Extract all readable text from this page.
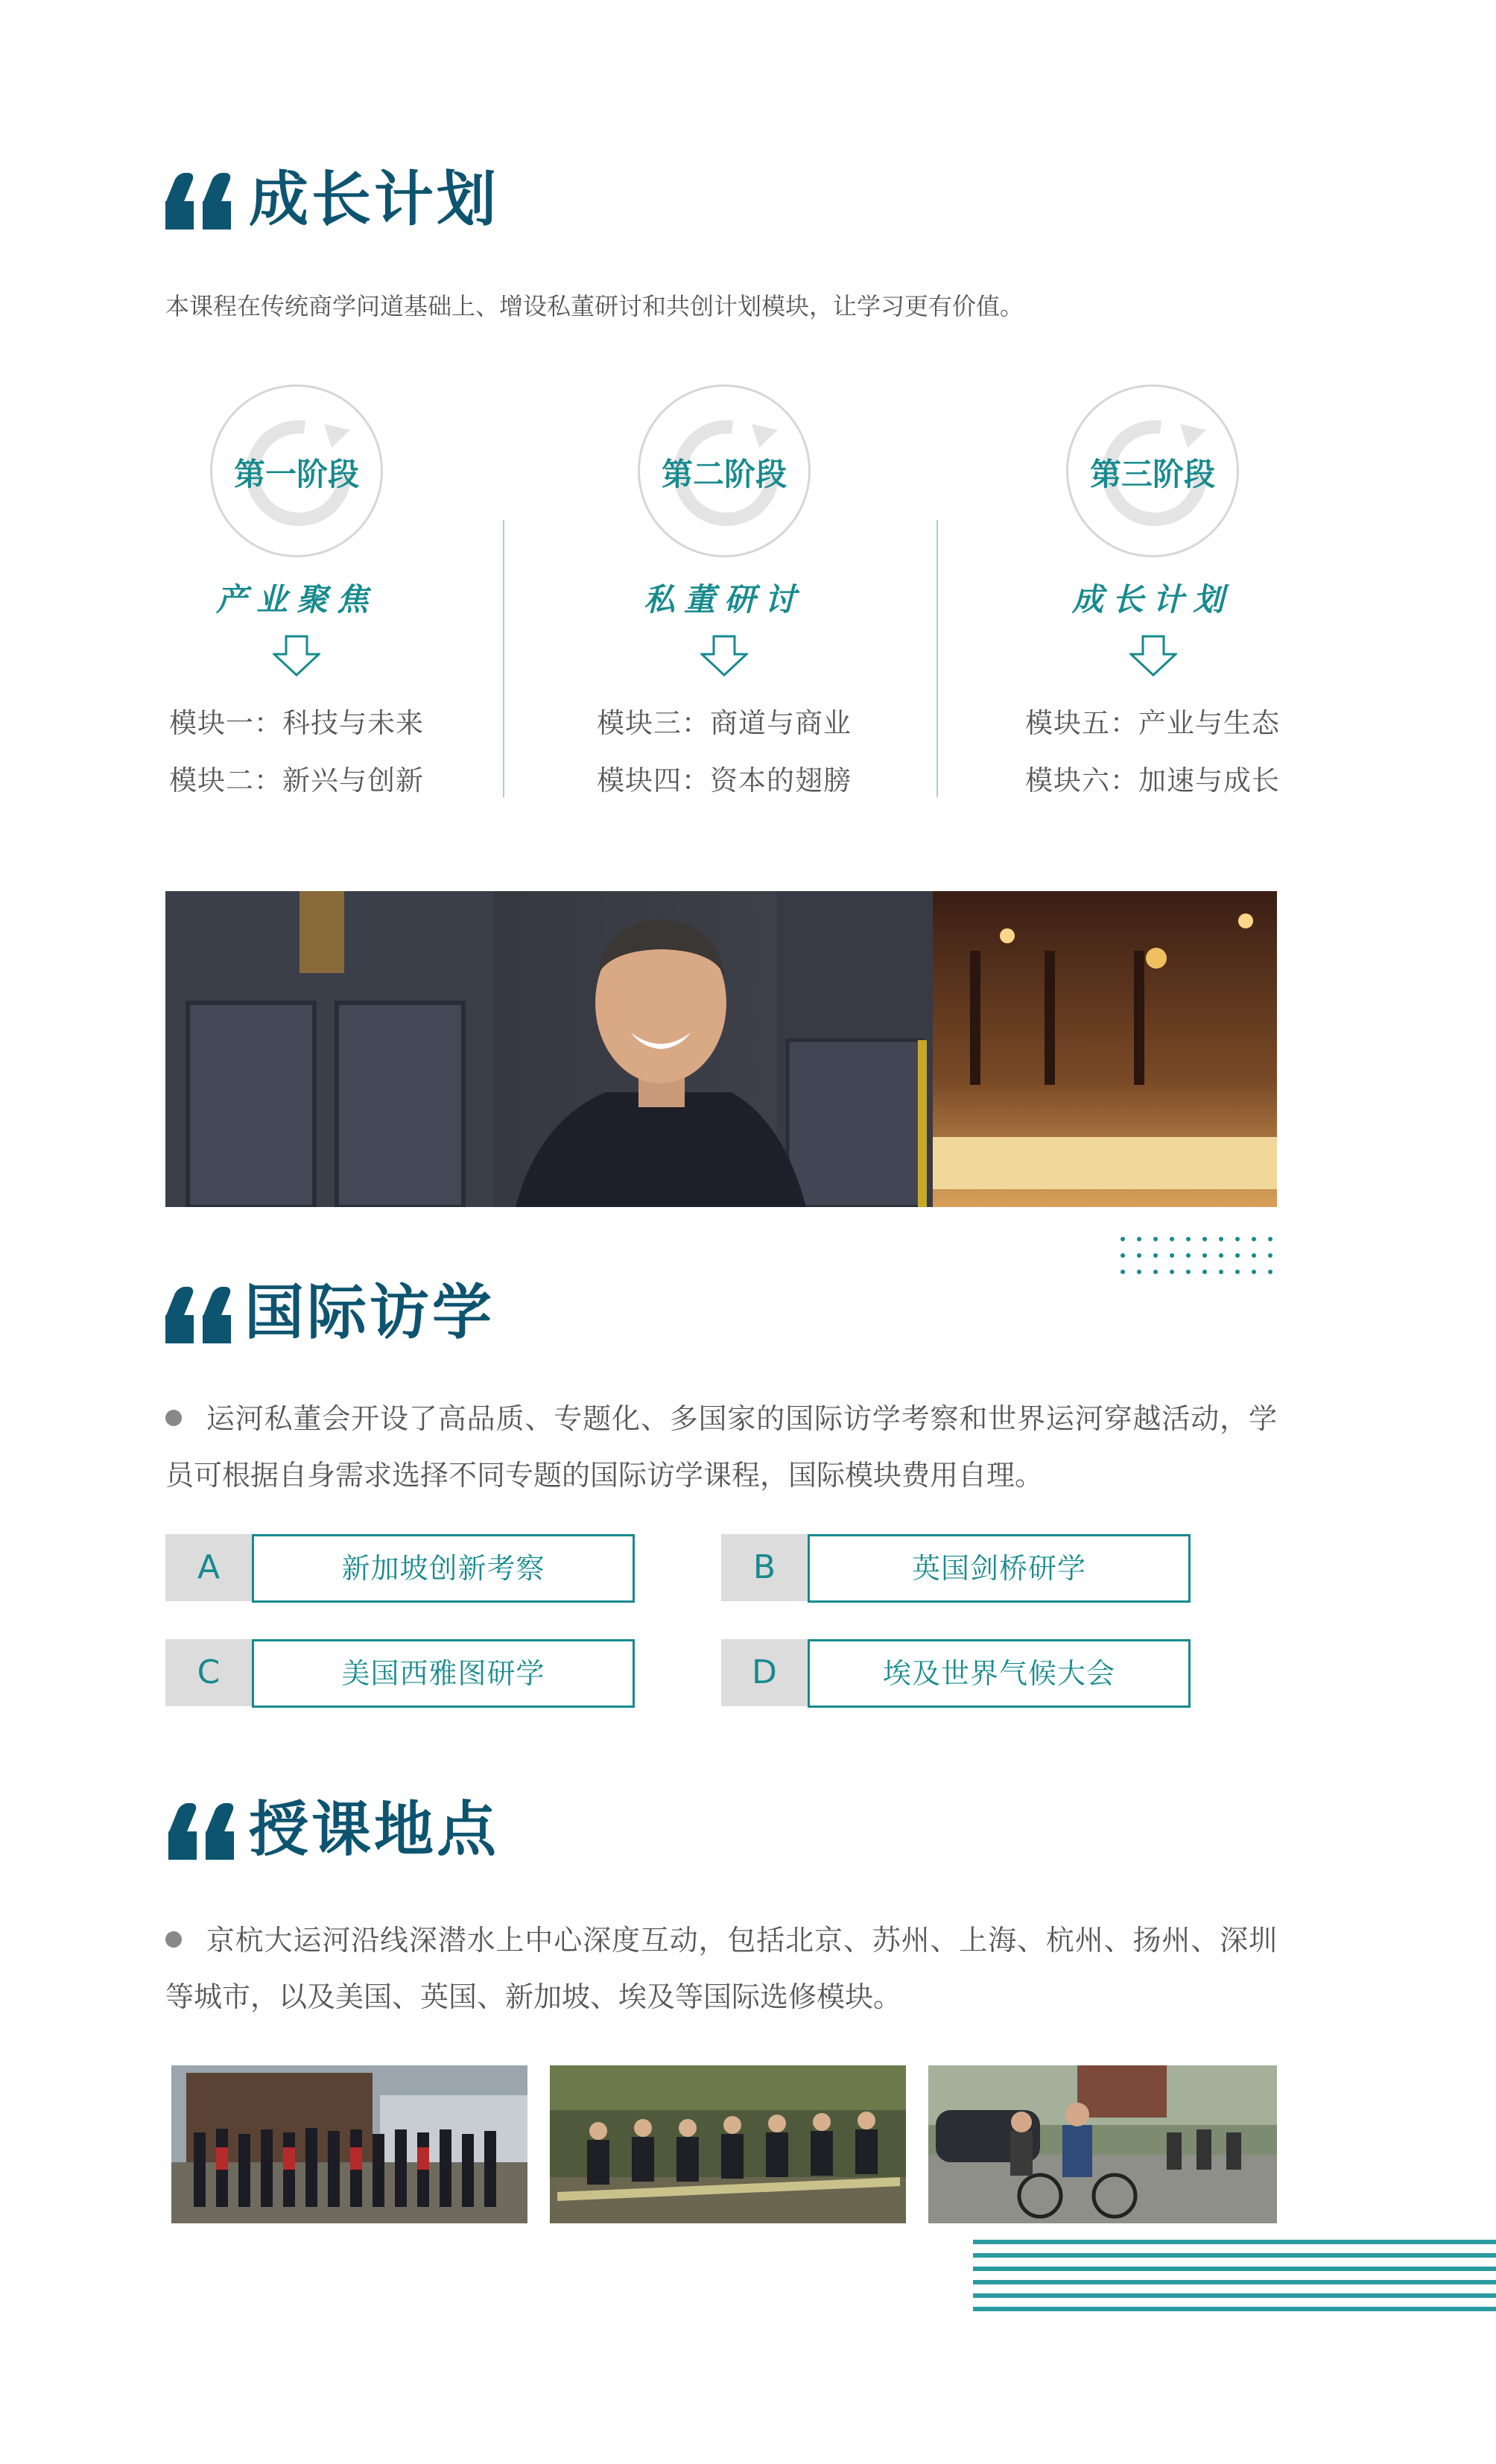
成长计划
本课程在传统商学问道基础上、增设私董研讨和共创计划模块，让学习更有价值。
第一阶段
产业聚焦
模块一：科技与未来
模块二：新兴与创新
第二阶段
私董研讨
模块三：商道与商业
模块四：资本的翅膀
第三阶段
成长计划
模块五：产业与生态
模块六：加速与成长
国际访学
运河私董会开设了高品质、专题化、多国家的国际访学考察和世界运河穿越活动，学员可根据自身需求选择不同专题的国际访学课程，国际模块费用自理。
A	新加坡创新考察	B	英国剑桥研学
C	美国西雅图研学	D	埃及世界气候大会
授课地点
京杭大运河沿线深潜水上中心深度互动，包括北京、苏州、上海、杭州、扬州、深圳等城市，以及美国、英国、新加坡、埃及等国际选修模块。
